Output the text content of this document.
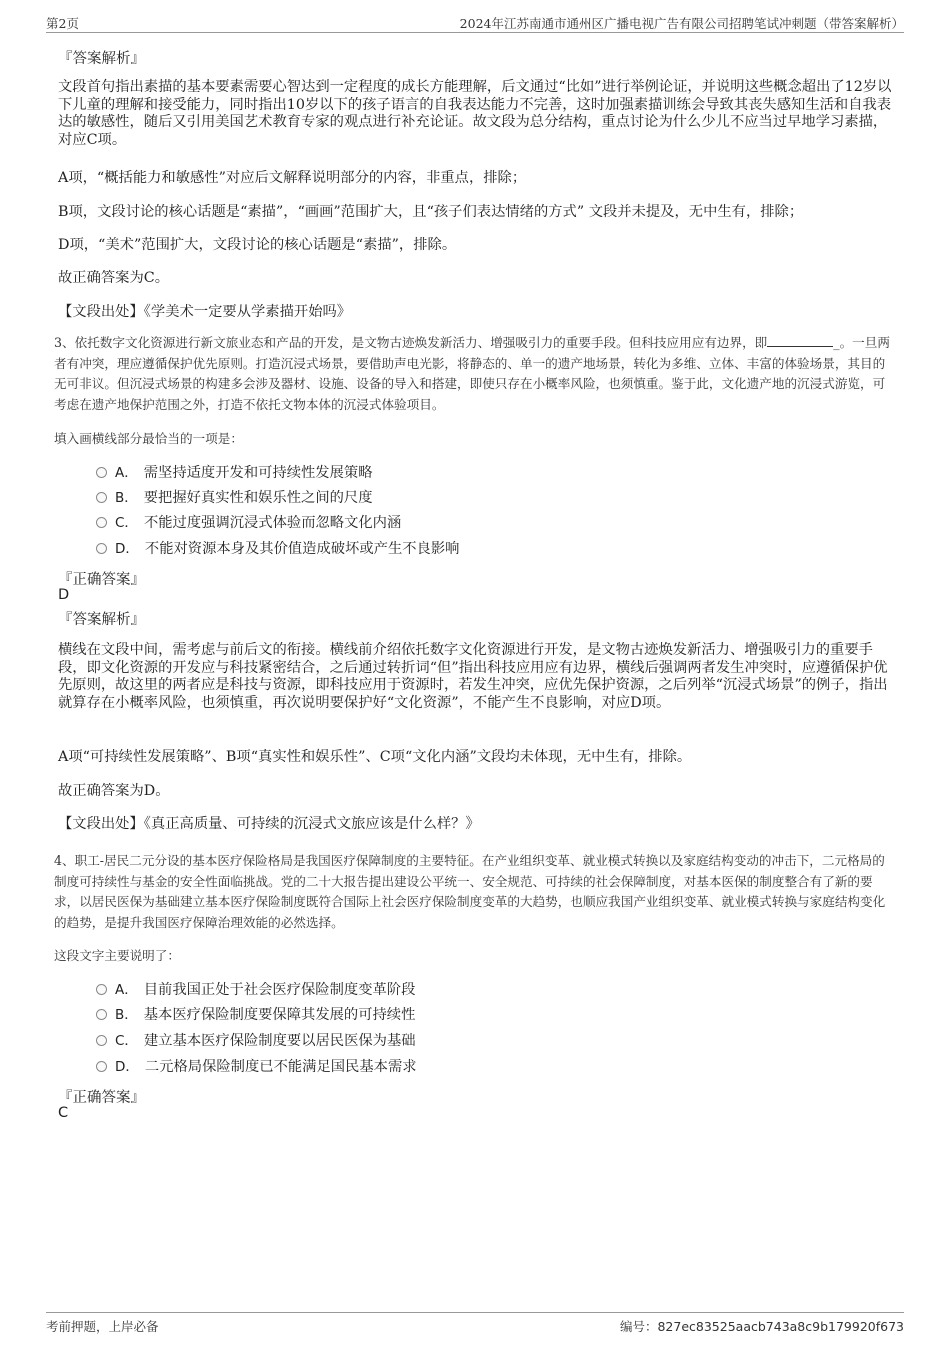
第2页	2024年江苏南通市通州区广播电视广告有限公司招聘笔试冲刺题（带答案解析）
『答案解析』
文段首句指出素描的基本要素需要心智达到一定程度的成长方能理解，后文通过“比如”进行举例论证，并说明这些概念超出了12岁以下儿童的理解和接受能力，同时指出10岁以下的孩子语言的自我表达能力不完善，这时加强素描训练会导致其丧失感知生活和自我表达的敏感性，随后又引用美国艺术教育专家的观点进行补充论证。故文段为总分结构，重点讨论为什么少儿不应当过早地学习素描，对应C项。
A项，“概括能力和敏感性”对应后文解释说明部分的内容，非重点，排除；
B项，文段讨论的核心话题是“素描”，“画画”范围扩大，且“孩子们表达情绪的方式” 文段并未提及，无中生有，排除；
D项，“美术”范围扩大，文段讨论的核心话题是“素描”，排除。
故正确答案为C。
【文段出处】《学美术一定要从学素描开始吗》
3、依托数字文化资源进行新文旅业态和产品的开发，是文物古迹焕发新活力、增强吸引力的重要手段。但科技应用应有边界，即	_。一旦两者有冲突，理应遵循保护优先原则。打造沉浸式场景，要借助声电光影，将静态的、单一的遗产地场景，转化为多维、立体、丰富的体验场景，其目的无可非议。但沉浸式场景的构建多会涉及器材、设施、设备的导入和搭建，即使只存在小概率风险，也须慎重。鉴于此，文化遗产地的沉浸式游览，可考虑在遗产地保护范围之外，打造不依托文物本体的沉浸式体验项目。
填入画横线部分最恰当的一项是：
A． 需坚持适度开发和可持续性发展策略
B． 要把握好真实性和娱乐性之间的尺度
C． 不能过度强调沉浸式体验而忽略文化内涵
D． 不能对资源本身及其价值造成破坏或产生不良影响
『正确答案』
D
『答案解析』
横线在文段中间，需考虑与前后文的衔接。横线前介绍依托数字文化资源进行开发，是文物古迹焕发新活力、增强吸引力的重要手段，即文化资源的开发应与科技紧密结合，之后通过转折词“但”指出科技应用应有边界，横线后强调两者发生冲突时，应遵循保护优先原则，故这里的两者应是科技与资源，即科技应用于资源时，若发生冲突，应优先保护资源，之后列举“沉浸式场景”的例子，指出就算存在小概率风险，也须慎重，再次说明要保护好“文化资源”，不能产生不良影响，对应D项。
A项“可持续性发展策略”、B项“真实性和娱乐性”、C项“文化内涵”文段均未体现，无中生有，排除。
故正确答案为D。
【文段出处】《真正高质量、可持续的沉浸式文旅应该是什么样？》
4、职工-居民二元分设的基本医疗保险格局是我国医疗保障制度的主要特征。在产业组织变革、就业模式转换以及家庭结构变动的冲击下，二元格局的制度可持续性与基金的安全性面临挑战。党的二十大报告提出建设公平统一、安全规范、可持续的社会保障制度，对基本医保的制度整合有了新的要求，以居民医保为基础建立基本医疗保险制度既符合国际上社会医疗保险制度变革的大趋势，也顺应我国产业组织变革、就业模式转换与家庭结构变化的趋势，是提升我国医疗保障治理效能的必然选择。
这段文字主要说明了：
A． 目前我国正处于社会医疗保险制度变革阶段
B． 基本医疗保险制度要保障其发展的可持续性
C． 建立基本医疗保险制度要以居民医保为基础
D． 二元格局保险制度已不能满足国民基本需求
『正确答案』
C
考前押题，上岸必备	编号：827ec83525aacb743a8c9b179920f673
